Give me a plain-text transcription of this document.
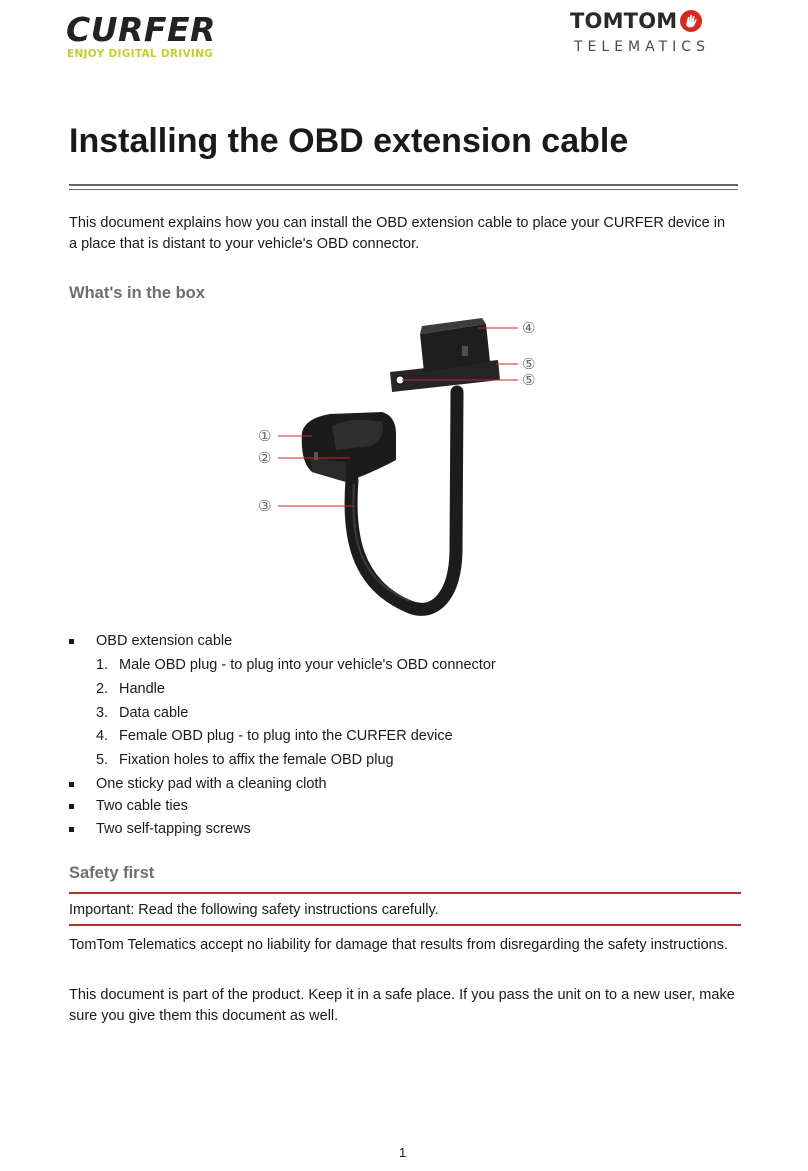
CURFER
ENJOY DIGITAL DRIVING
TOMTOM
TELEMATICS
Installing the OBD extension cable

This document explains how you can install the OBD extension cable to place your CURFER device in a place that is distant to your vehicle's OBD connector.

What's in the box
①
②
③
④
⑤
⑤
OBD extension cable
1. Male OBD plug - to plug into your vehicle's OBD connector
2. Handle
3. Data cable
4. Female OBD plug - to plug into the CURFER device
5. Fixation holes to affix the female OBD plug
One sticky pad with a cleaning cloth
Two cable ties
Two self-tapping screws
Safety first
Important: Read the following safety instructions carefully.

TomTom Telematics accept no liability for damage that results from disregarding the safety instructions.

This document is part of the product. Keep it in a safe place. If you pass the unit on to a new user, make sure you give them this document as well.

1
